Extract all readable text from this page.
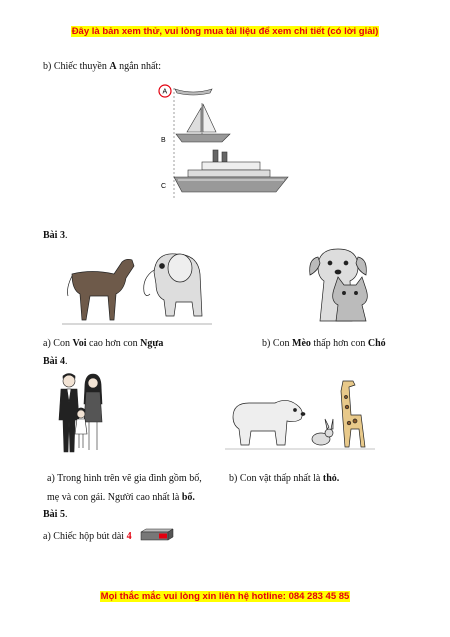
Đây là bản xem thử, vui lòng mua tài liệu để xem chi tiết (có lời giải)
b) Chiếc thuyền A ngắn nhất:
A
B
C
Bài 3.
a) Con Voi cao hơn con Ngựa	b) Con Mèo thấp hơn con Chó
Bài 4.
a) Trong hình trên vẽ gia đình gồm bố,
mẹ và con gái. Người cao nhất là bố.
b) Con vật thấp nhất là thỏ.
Bài 5.
a) Chiếc hộp bút dài 4
Mọi thắc mắc vui lòng xin liên hệ hotline: 084 283 45 85
